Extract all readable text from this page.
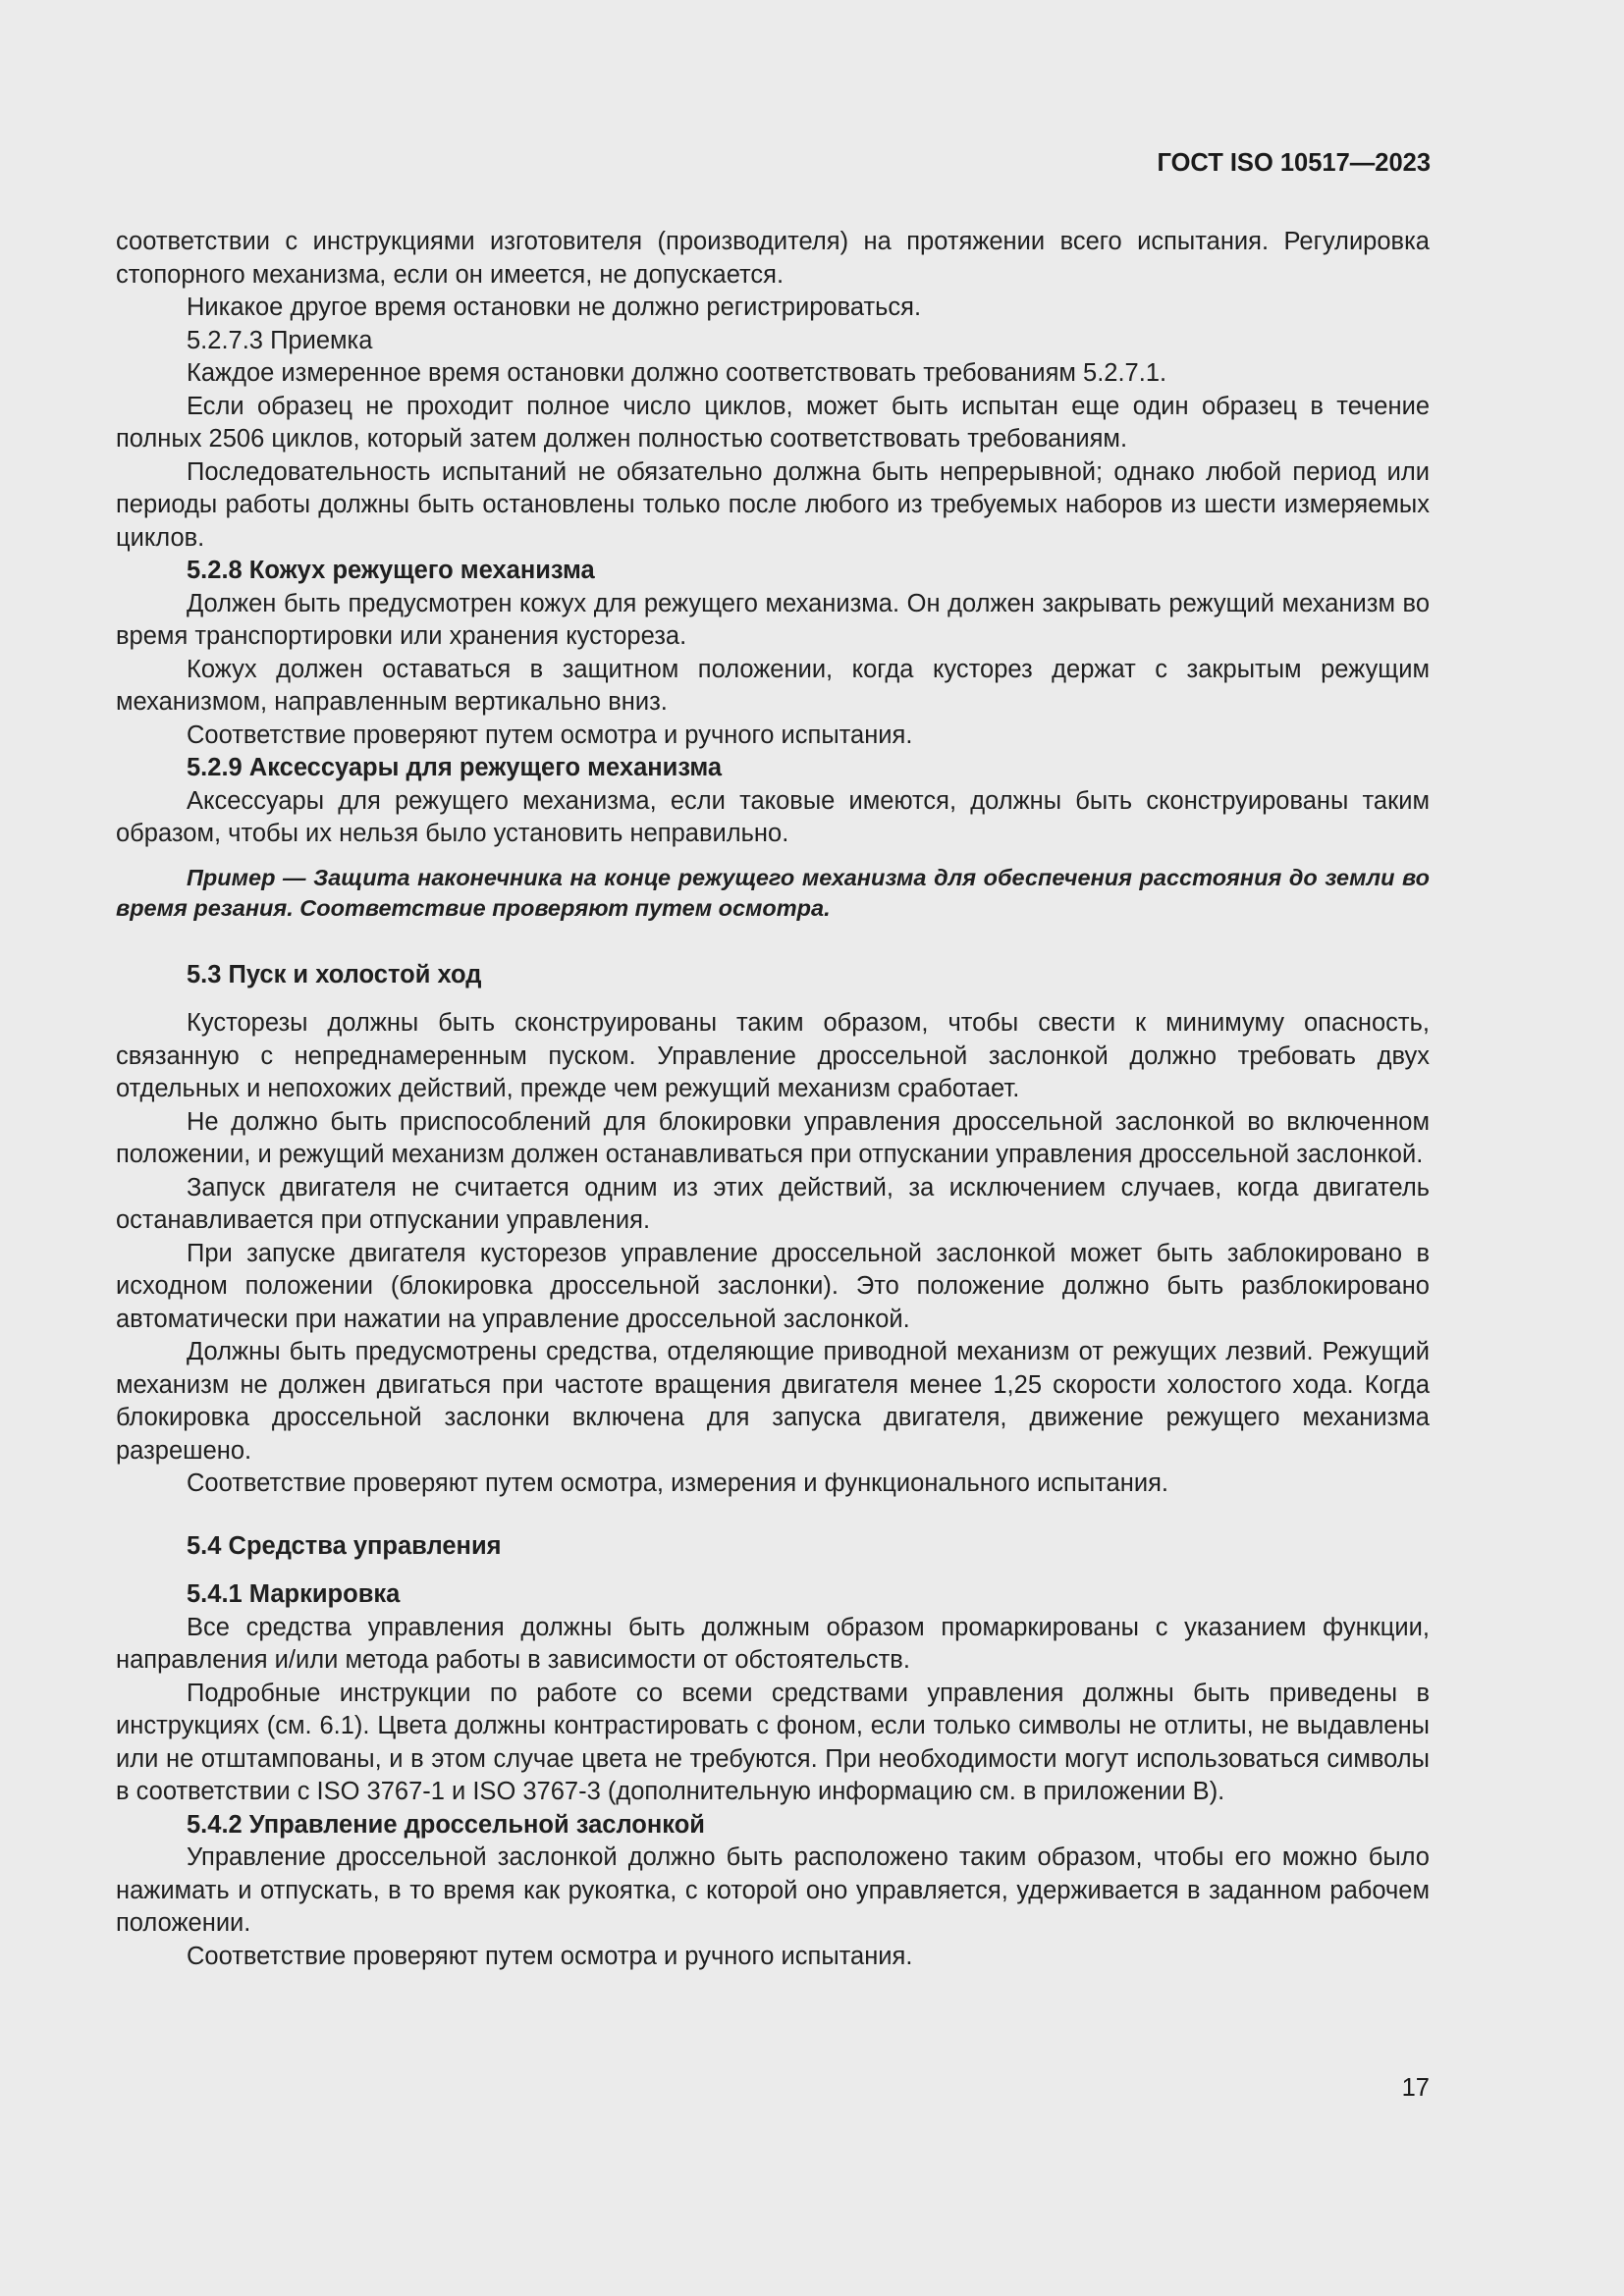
ГОСТ ISO 10517—2023

соответствии с инструкциями изготовителя (производителя) на протяжении всего испытания. Регулировка стопорного механизма, если он имеется, не допускается.

Никакое другое время остановки не должно регистрироваться.

5.2.7.3 Приемка

Каждое измеренное время остановки должно соответствовать требованиям 5.2.7.1.

Если образец не проходит полное число циклов, может быть испытан еще один образец в течение полных 2506 циклов, который затем должен полностью соответствовать требованиям.

Последовательность испытаний не обязательно должна быть непрерывной; однако любой период или периоды работы должны быть остановлены только после любого из требуемых наборов из шести измеряемых циклов.

5.2.8 Кожух режущего механизма

Должен быть предусмотрен кожух для режущего механизма. Он должен закрывать режущий механизм во время транспортировки или хранения кустореза.

Кожух должен оставаться в защитном положении, когда кусторез держат с закрытым режущим механизмом, направленным вертикально вниз.

Соответствие проверяют путем осмотра и ручного испытания.

5.2.9 Аксессуары для режущего механизма

Аксессуары для режущего механизма, если таковые имеются, должны быть сконструированы таким образом, чтобы их нельзя было установить неправильно.

Пример — Защита наконечника на конце режущего механизма для обеспечения расстояния до земли во время резания. Соответствие проверяют путем осмотра.

5.3 Пуск и холостой ход

Кусторезы должны быть сконструированы таким образом, чтобы свести к минимуму опасность, связанную с непреднамеренным пуском. Управление дроссельной заслонкой должно требовать двух отдельных и непохожих действий, прежде чем режущий механизм сработает.

Не должно быть приспособлений для блокировки управления дроссельной заслонкой во включенном положении, и режущий механизм должен останавливаться при отпускании управления дроссельной заслонкой.

Запуск двигателя не считается одним из этих действий, за исключением случаев, когда двигатель останавливается при отпускании управления.

При запуске двигателя кусторезов управление дроссельной заслонкой может быть заблокировано в исходном положении (блокировка дроссельной заслонки). Это положение должно быть разблокировано автоматически при нажатии на управление дроссельной заслонкой.

Должны быть предусмотрены средства, отделяющие приводной механизм от режущих лезвий. Режущий механизм не должен двигаться при частоте вращения двигателя менее 1,25 скорости холостого хода. Когда блокировка дроссельной заслонки включена для запуска двигателя, движение режущего механизма разрешено.

Соответствие проверяют путем осмотра, измерения и функционального испытания.

5.4 Средства управления

5.4.1 Маркировка

Все средства управления должны быть должным образом промаркированы с указанием функции, направления и/или метода работы в зависимости от обстоятельств.

Подробные инструкции по работе со всеми средствами управления должны быть приведены в инструкциях (см. 6.1). Цвета должны контрастировать с фоном, если только символы не отлиты, не выдавлены или не отштампованы, и в этом случае цвета не требуются. При необходимости могут использоваться символы в соответствии с ISO 3767-1 и ISO 3767-3 (дополнительную информацию см. в приложении В).

5.4.2 Управление дроссельной заслонкой

Управление дроссельной заслонкой должно быть расположено таким образом, чтобы его можно было нажимать и отпускать, в то время как рукоятка, с которой оно управляется, удерживается в заданном рабочем положении.

Соответствие проверяют путем осмотра и ручного испытания.

17
